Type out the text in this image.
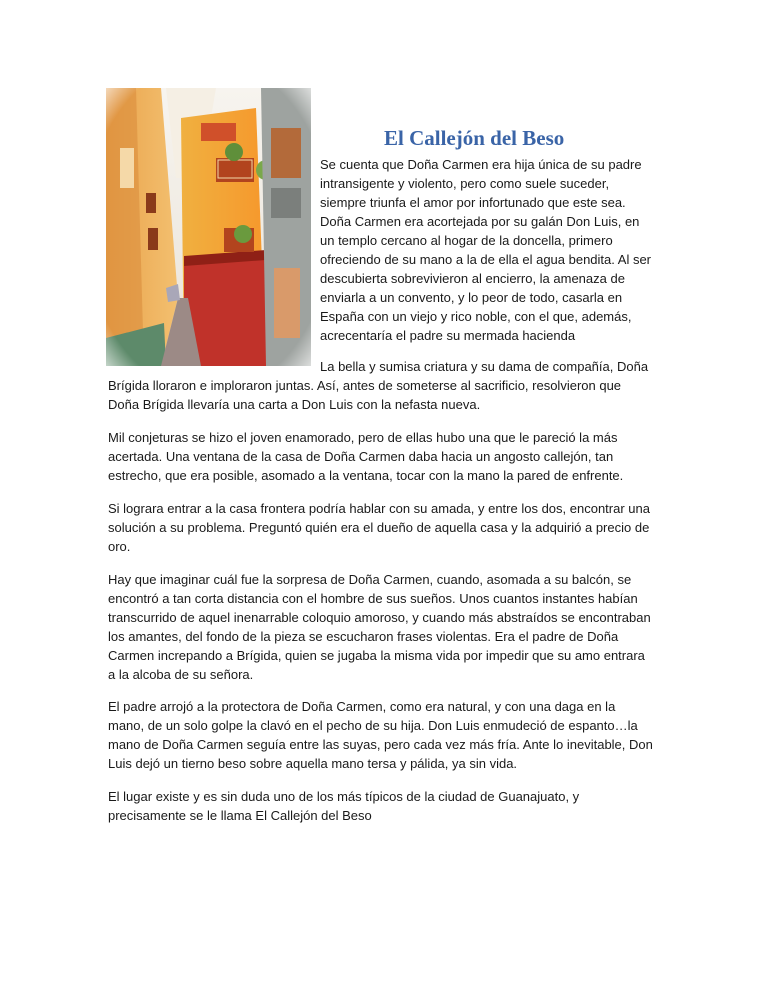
El Callejón del Beso

Se cuenta que Doña Carmen era hija única de su padre
intransigente y violento, pero como suele suceder,
siempre triunfa el amor por infortunado que este sea.
Doña Carmen era acortejada por su galán Don Luis, en
un templo cercano al hogar de la doncella, primero
ofreciendo de su mano a la de ella el agua bendita. Al ser
descubierta sobrevivieron al encierro, la amenaza de
enviarla a un convento, y lo peor de todo, casarla en
España con un viejo y rico noble, con el que, además,
acrecentaría el padre su mermada hacienda

La bella y sumisa criatura y su dama de compañía, Doña
Brígida lloraron e imploraron juntas. Así, antes de someterse al sacrificio, resolvieron que
Doña Brígida llevaría una carta a Don Luis con la nefasta nueva.

Mil conjeturas se hizo el joven enamorado, pero de ellas hubo una que le pareció la más
acertada. Una ventana de la casa de Doña Carmen daba hacia un angosto callejón, tan
estrecho, que era posible, asomado a la ventana, tocar con la mano la pared de enfrente.

Si lograra entrar a la casa frontera podría hablar con su amada, y entre los dos, encontrar una
solución a su problema. Preguntó quién era el dueño de aquella casa y la adquirió a precio de
oro.

Hay que imaginar cuál fue la sorpresa de Doña Carmen, cuando, asomada a su balcón, se
encontró a tan corta distancia con el hombre de sus sueños. Unos cuantos instantes habían
transcurrido de aquel inenarrable coloquio amoroso, y cuando más abstraídos se encontraban
los amantes, del fondo de la pieza se escucharon frases violentas. Era el padre de Doña
Carmen increpando a Brígida, quien se jugaba la misma vida por impedir que su amo entrara
a la alcoba de su señora.

El padre arrojó a la protectora de Doña Carmen, como era natural, y con una daga en la
mano, de un solo golpe la clavó en el pecho de su hija. Don Luis enmudeció de espanto…la
mano de Doña Carmen seguía entre las suyas, pero cada vez más fría. Ante lo inevitable, Don
Luis dejó un tierno beso sobre aquella mano tersa y pálida, ya sin vida.

El lugar existe y es sin duda uno de los más típicos de la ciudad de Guanajuato, y
precisamente se le llama El Callejón del Beso
